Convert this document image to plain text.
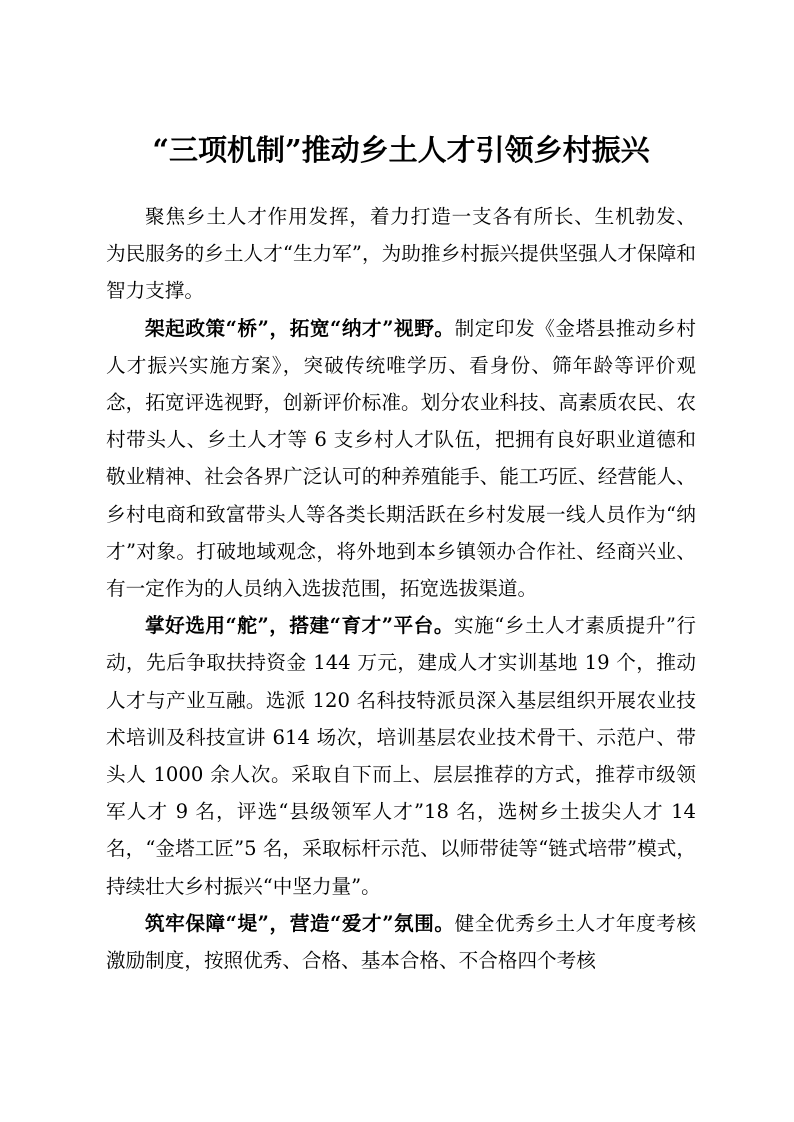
“三项机制”推动乡土人才引领乡村振兴

聚焦乡土人才作用发挥，着力打造一支各有所长、生机勃发、 为民服务的乡土人才“生力军”，为助推乡村振兴提供坚强人才保障和智力支撑。

架起政策“桥”，拓宽“纳才”视野。制定印发《金塔县推动乡村人才振兴实施方案》，突破传统唯学历、看身份、筛年龄等评价观念，拓宽评选视野，创新评价标准。划分农业科技、高素质农民、农村带头人、乡土人才等 6 支乡村人才队伍，把拥有良好职业道德和敬业精神、社会各界广泛认可的种养殖能手、能工巧匠、经营能人、乡村电商和致富带头人等各类长期活跃在乡村发展一线人员作为“纳才”对象。打破地域观念，将外地到本乡镇领办合作社、经商兴业、有一定作为的人员纳入选拔范围，拓宽选拔渠道。

掌好选用“舵”，搭建“育才”平台。实施“乡土人才素质提升”行动，先后争取扶持资金 144 万元，建成人才实训基地 19 个，推动人才与产业互融。选派 120 名科技特派员深入基层组织开展农业技术培训及科技宣讲 614 场次，培训基层农业技术骨干、示范户、带头人 1000 余人次。采取自下而上、层层推荐的方式，推荐市级领军人才 9 名，评选“县级领军人才”18 名，选树乡土拔尖人才 14 名，“金塔工匠”5 名，采取标杆示范、以师带徒等“链式培带”模式，持续壮大乡村振兴“中坚力量”。

筑牢保障“堤”，营造“爱才”氛围。健全优秀乡土人才年度考核激励制度，按照优秀、合格、基本合格、不合格四个考核
